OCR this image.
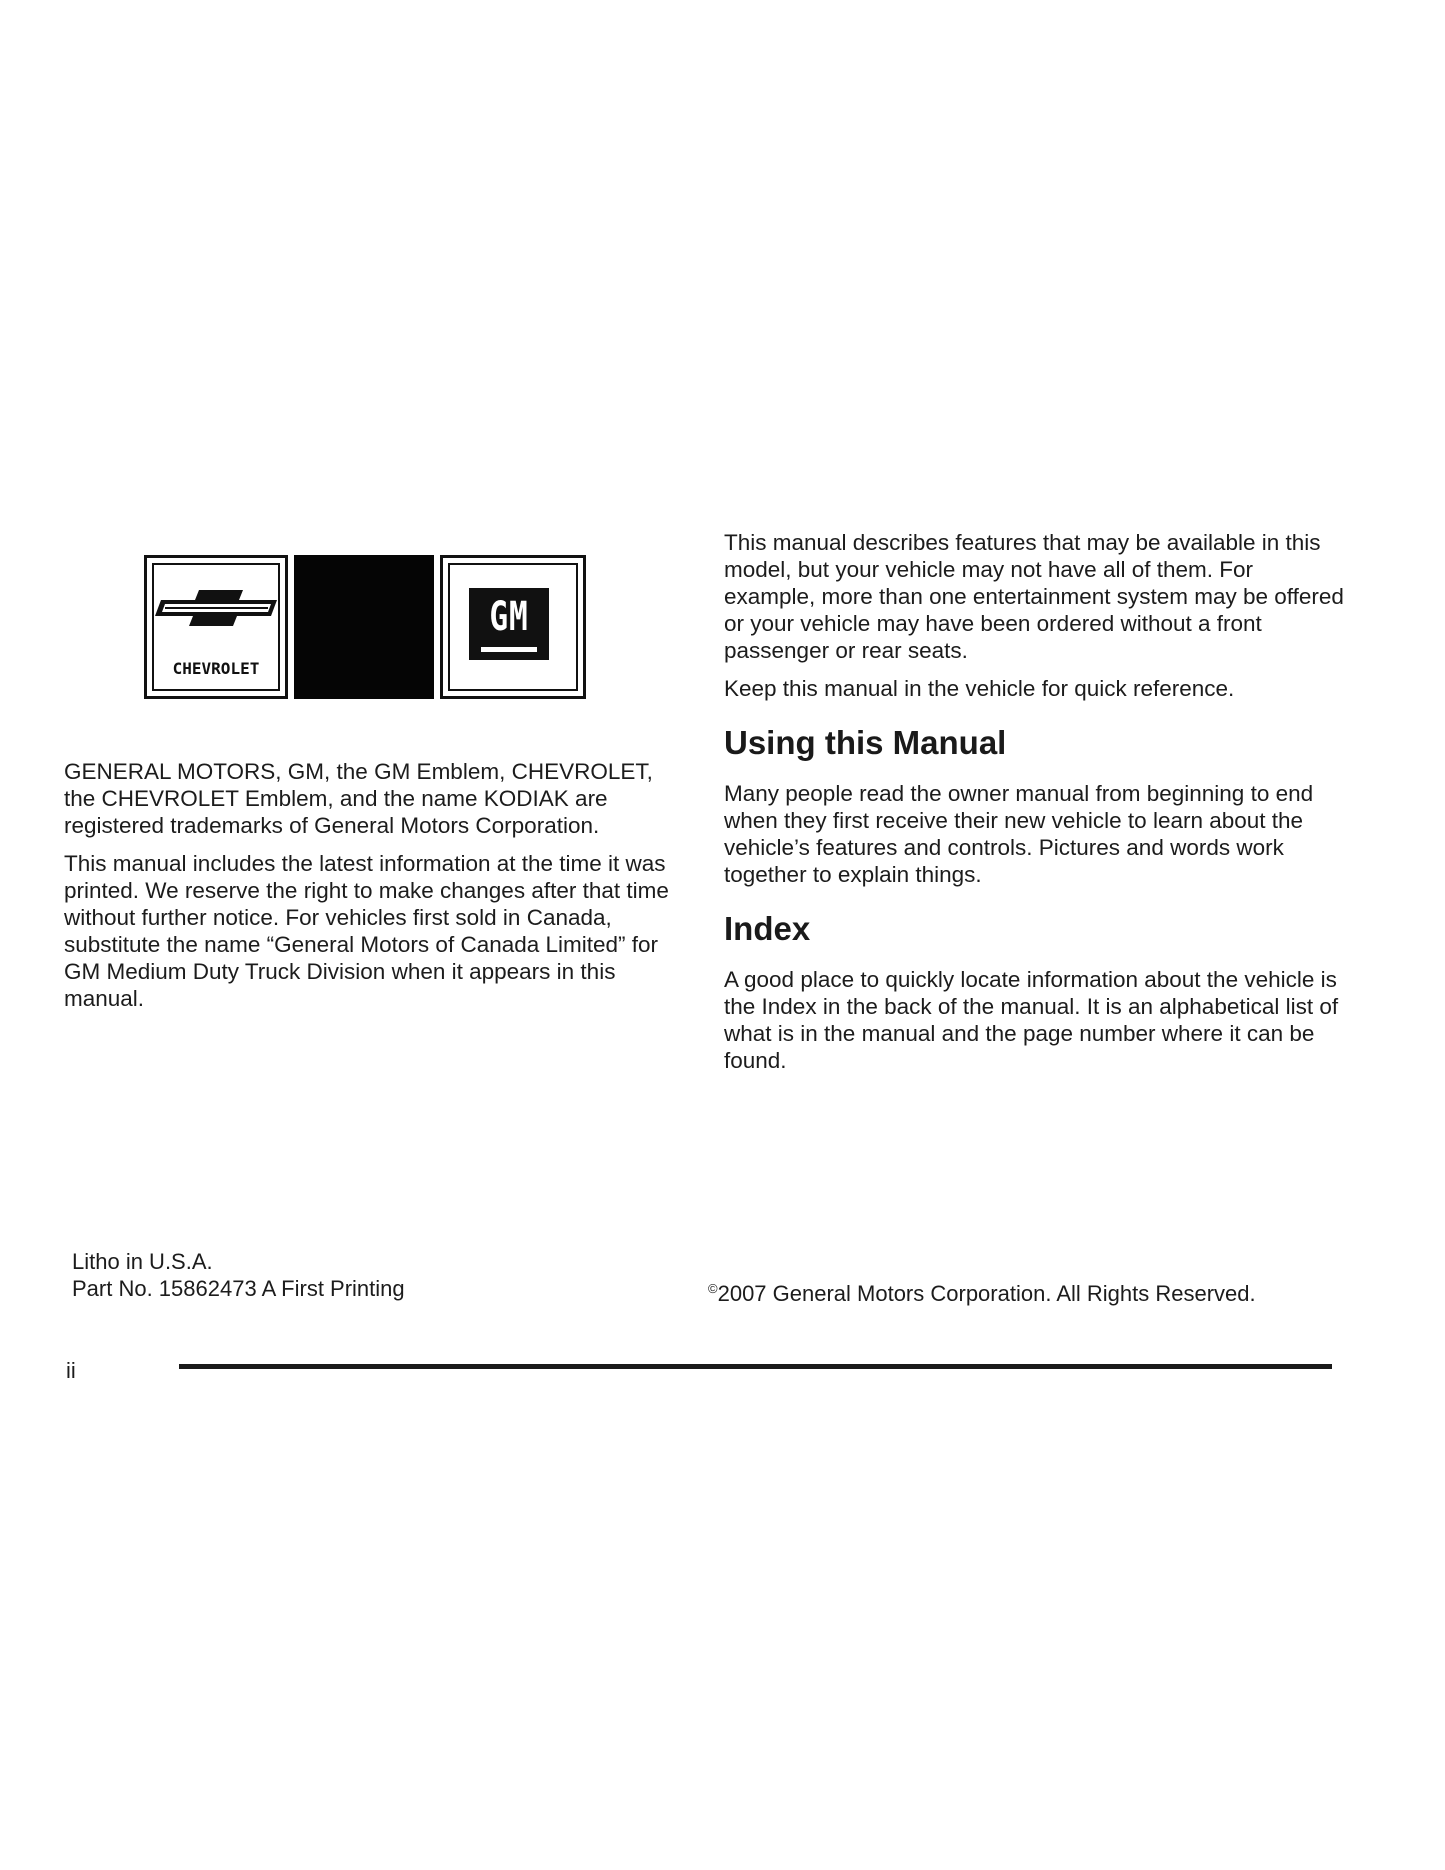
CHEVROLET
GM

GENERAL MOTORS, GM, the GM Emblem, CHEVROLET, the CHEVROLET Emblem, and the name KODIAK are registered trademarks of General Motors Corporation.

This manual includes the latest information at the time it was printed. We reserve the right to make changes after that time without further notice. For vehicles first sold in Canada, substitute the name “General Motors of Canada Limited” for GM Medium Duty Truck Division when it appears in this manual.

This manual describes features that may be available in this model, but your vehicle may not have all of them. For example, more than one entertainment system may be offered or your vehicle may have been ordered without a front passenger or rear seats.

Keep this manual in the vehicle for quick reference.

Using this Manual

Many people read the owner manual from beginning to end when they first receive their new vehicle to learn about the vehicle’s features and controls. Pictures and words work together to explain things.

Index

A good place to quickly locate information about the vehicle is the Index in the back of the manual. It is an alphabetical list of what is in the manual and the page number where it can be found.

Litho in U.S.A.
Part No. 15862473 A First Printing	©2007 General Motors Corporation. All Rights Reserved.
ii
